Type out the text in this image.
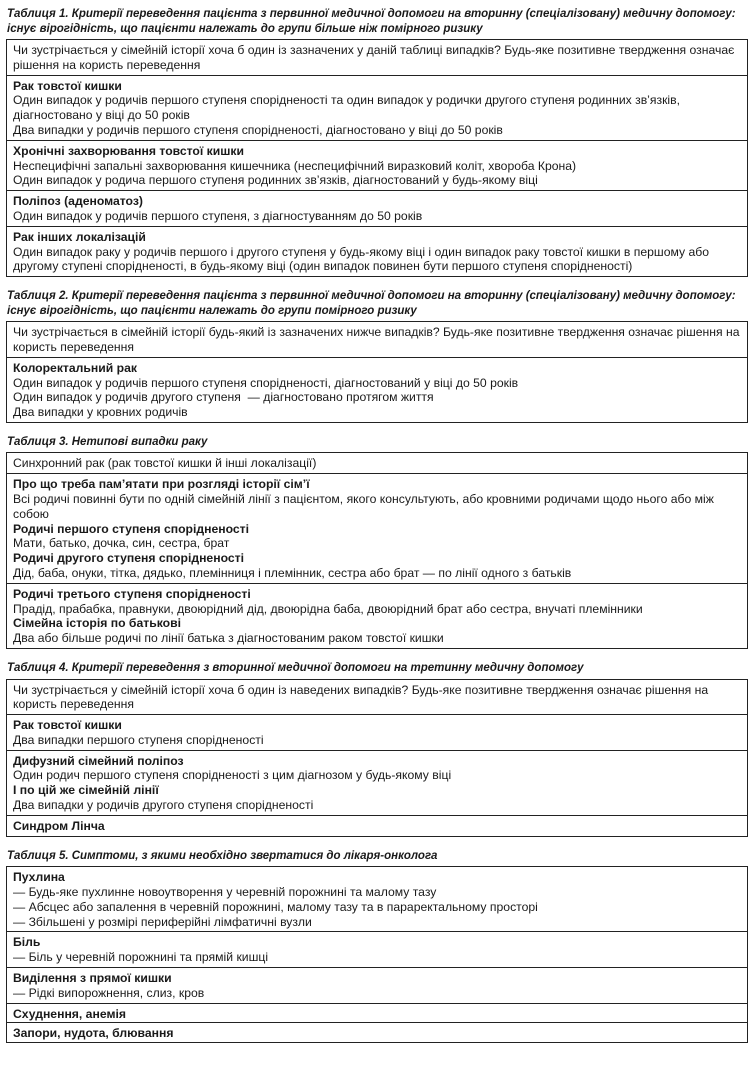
Таблиця 1. Критерії переведення пацієнта з первинної медичної допомоги на вторинну (спеціалізовану) медичну допомогу: існує вірогідність, що пацієнти належать до групи більше ніж помірного ризику
Чи зустрічається у сімейній історії хоча б один із зазначених у даній таблиці випадків? Будь-яке позитивне твердження означає рішення на користь переведення
Рак товстої кишки
Один випадок у родичів першого ступеня спорідненості та один випадок у родички другого ступеня родинних зв’язків, діагностовано у віці до 50 років
Два випадки у родичів першого ступеня спорідненості, діагностовано у віці до 50 років
Хронічні захворювання товстої кишки
Неспецифічні запальні захворювання кишечника (неспецифічний виразковий коліт, хвороба Крона)
Один випадок у родича першого ступеня родинних зв’язків, діагностований у будь-якому віці
Поліпоз (аденоматоз)
Один випадок у родичів першого ступеня, з діагностуванням до 50 років
Рак інших локалізацій
Один випадок раку у родичів першого і другого ступеня у будь-якому віці і один випадок раку товстої кишки в першому або другому ступені спорідненості, в будь-якому віці (один випадок повинен бути першого ступеня спорідненості)
Таблиця 2. Критерії переведення пацієнта з первинної медичної допомоги на вторинну (спеціалізовану) медичну допомогу: існує вірогідність, що пацієнти належать до групи помірного ризику
Чи зустрічається в сімейній історії будь-який із зазначених нижче випадків? Будь-яке позитивне твердження означає рішення на користь переведення
Колоректальний рак
Один випадок у родичів першого ступеня спорідненості, діагностований у віці до 50 років
Один випадок у родичів другого ступеня  — діагностовано протягом життя
Два випадки у кровних родичів
Таблиця 3. Нетипові випадки раку
Синхронний рак (рак товстої кишки й інші локалізації)
Про що треба пам’ятати при розгляді історії сім’ї
Всі родичі повинні бути по одній сімейній лінії з пацієнтом, якого консультують, або кровними родичами щодо нього або між собою
Родичі першого ступеня спорідненості
Мати, батько, дочка, син, сестра, брат
Родичі другого ступеня спорідненості
Дід, баба, онуки, тітка, дядько, племінниця і племінник, сестра або брат — по лінії одного з батьків
Родичі третього ступеня спорідненості
Прадід, прабабка, правнуки, двоюрідний дід, двоюрідна баба, двоюрідний брат або сестра, внучаті племінники
Сімейна історія по батькові
Два або більше родичі по лінії батька з діагностованим раком товстої кишки
Таблиця 4. Критерії переведення з вторинної медичної допомоги на третинну медичну допомогу
Чи зустрічається у сімейній історії хоча б один із наведених випадків? Будь-яке позитивне твердження означає рішення на користь переведення
Рак товстої кишки
Два випадки першого ступеня спорідненості
Дифузний сімейний поліпоз
Один родич першого ступеня спорідненості з цим діагнозом у будь-якому віці
І по цій же сімейній лінії
Два випадки у родичів другого ступеня спорідненості
Синдром Лінча
Таблиця 5. Симптоми, з якими необхідно звертатися до лікаря-онколога
Пухлина
— Будь-яке пухлинне новоутворення у черевній порожнині та малому тазу
— Абсцес або запалення в черевній порожнині, малому тазу та в параректальному просторі
— Збільшені у розмірі периферійні лімфатичні вузли
Біль
— Біль у черевній порожнині та прямій кишці
Виділення з прямої кишки
— Рідкі випорожнення, слиз, кров
Схуднення, анемія
Запори, нудота, блювання
